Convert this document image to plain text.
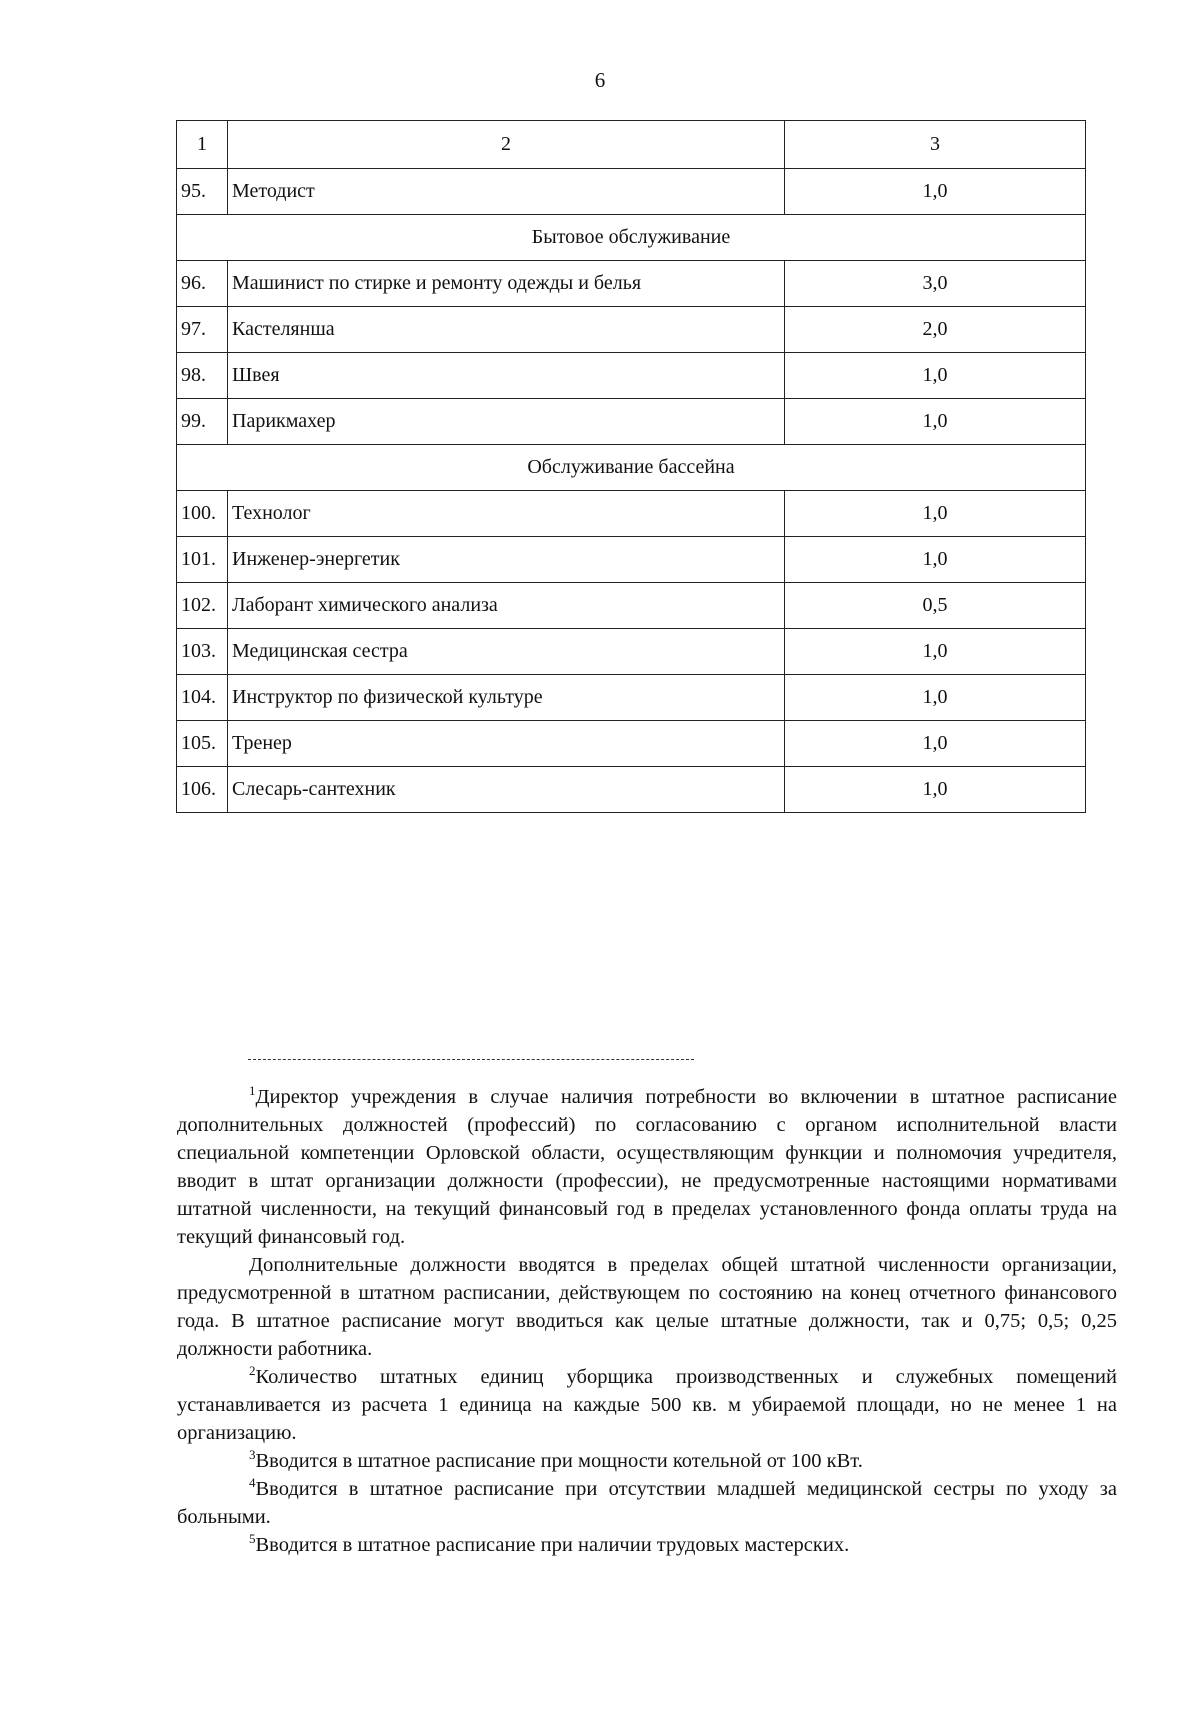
6
1	2	3
95.	Методист	1,0
Бытовое обслуживание		
96.	Машинист по стирке и ремонту одежды и белья	3,0
97.	Кастелянша	2,0
98.	Швея	1,0
99.	Парикмахер	1,0
Обслуживание бассейна		
100.	Технолог	1,0
101.	Инженер-энергетик	1,0
102.	Лаборант химического анализа	0,5
103.	Медицинская сестра	1,0
104.	Инструктор по физической культуре	1,0
105.	Тренер	1,0
106.	Слесарь-сантехник	1,0

$^1$Директор учреждения в случае наличия потребности во включении в штатное расписание дополнительных должностей (профессий) по согласованию с органом исполнительной власти специальной компетенции Орловской области, осуществляющим функции и полномочия учредителя, вводит в штат организации должности (профессии), не предусмотренные настоящими нормативами штатной численности, на текущий финансовый год в пределах установленного фонда оплаты труда на текущий финансовый год.

Дополнительные должности вводятся в пределах общей штатной численности организации, предусмотренной в штатном расписании, действующем по состоянию на конец отчетного финансового года. В штатное расписание могут вводиться как целые штатные должности, так и 0,75; 0,5; 0,25 должности работника.

$^2$Количество штатных единиц уборщика производственных и служебных помещений устанавливается из расчета 1 единица на каждые 500 кв. м убираемой площади, но не менее 1 на организацию.

$^3$Вводится в штатное расписание при мощности котельной от 100 кВт.

$^4$Вводится в штатное расписание при отсутствии младшей медицинской сестры по уходу за больными.

$^5$Вводится в штатное расписание при наличии трудовых мастерских.
